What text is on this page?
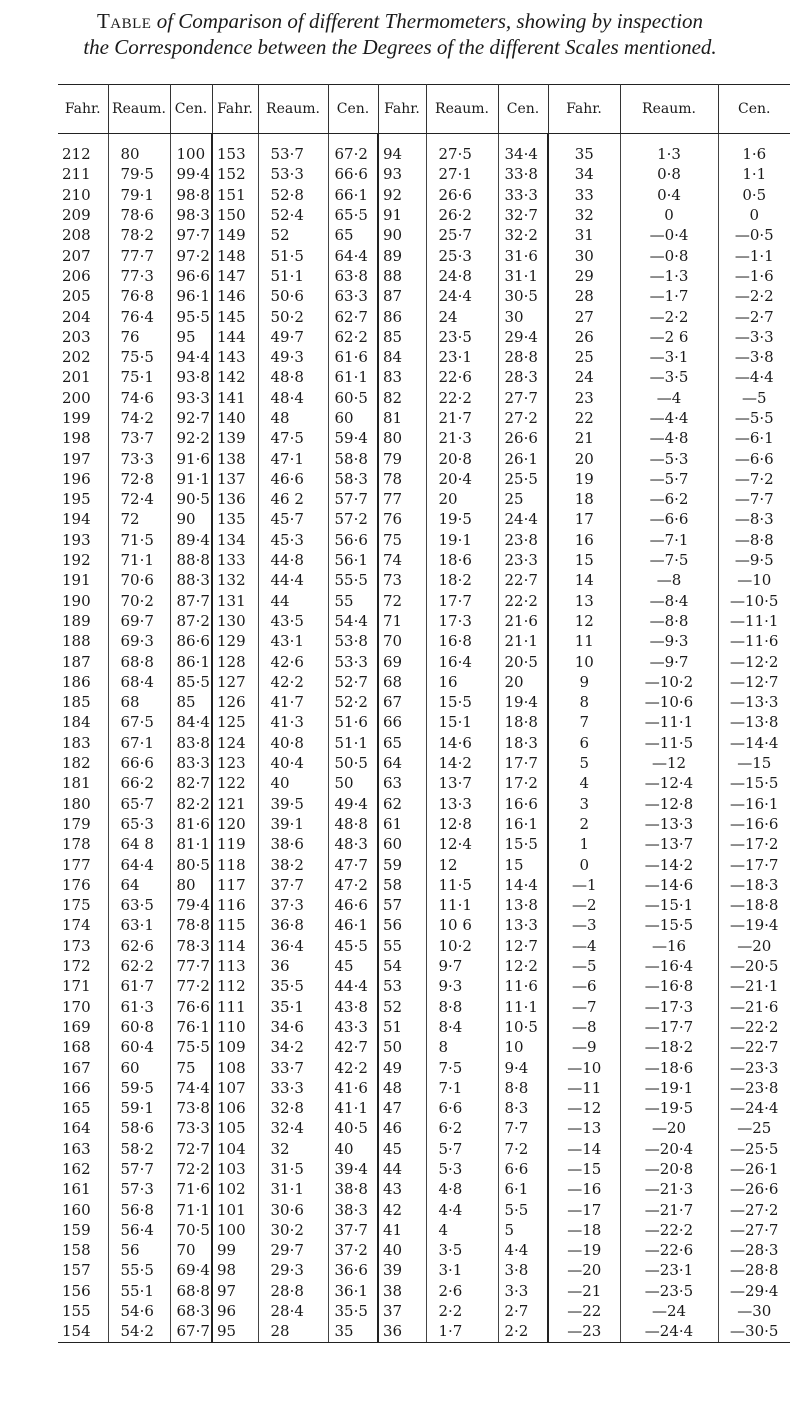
Table of Comparison of different Thermometers, showing by inspection
the Correspondence between the Degrees of the different Scales mentioned.
Fahr.	Reaum.	Cen.	Fahr.	Reaum.	Cen.	Fahr.	Reaum.	Cen.	Fahr.	Reaum.	Cen.
212	80	100	153	53·7	67·2	94	27·5	34·4	35	1·3	1·6
211	79·5	99·4	152	53·3	66·6	93	27·1	33·8	34	0·8	1·1
210	79·1	98·8	151	52·8	66·1	92	26·6	33·3	33	0·4	0·5
209	78·6	98·3	150	52·4	65·5	91	26·2	32·7	32	0	0
208	78·2	97·7	149	52	65	90	25·7	32·2	31	—0·4	—0·5
207	77·7	97·2	148	51·5	64·4	89	25·3	31·6	30	—0·8	—1·1
206	77·3	96·6	147	51·1	63·8	88	24·8	31·1	29	—1·3	—1·6
205	76·8	96·1	146	50·6	63·3	87	24·4	30·5	28	—1·7	—2·2
204	76·4	95·5	145	50·2	62·7	86	24	30	27	—2·2	—2·7
203	76	95	144	49·7	62·2	85	23·5	29·4	26	—2 6	—3·3
202	75·5	94·4	143	49·3	61·6	84	23·1	28·8	25	—3·1	—3·8
201	75·1	93·8	142	48·8	61·1	83	22·6	28·3	24	—3·5	—4·4
200	74·6	93·3	141	48·4	60·5	82	22·2	27·7	23	—4	—5
199	74·2	92·7	140	48	60	81	21·7	27·2	22	—4·4	—5·5
198	73·7	92·2	139	47·5	59·4	80	21·3	26·6	21	—4·8	—6·1
197	73·3	91·6	138	47·1	58·8	79	20·8	26·1	20	—5·3	—6·6
196	72·8	91·1	137	46·6	58·3	78	20·4	25·5	19	—5·7	—7·2
195	72·4	90·5	136	46 2	57·7	77	20	25	18	—6·2	—7·7
194	72	90	135	45·7	57·2	76	19·5	24·4	17	—6·6	—8·3
193	71·5	89·4	134	45·3	56·6	75	19·1	23·8	16	—7·1	—8·8
192	71·1	88·8	133	44·8	56·1	74	18·6	23·3	15	—7·5	—9·5
191	70·6	88·3	132	44·4	55·5	73	18·2	22·7	14	—8	—10
190	70·2	87·7	131	44	55	72	17·7	22·2	13	—8·4	—10·5
189	69·7	87·2	130	43·5	54·4	71	17·3	21·6	12	—8·8	—11·1
188	69·3	86·6	129	43·1	53·8	70	16·8	21·1	11	—9·3	—11·6
187	68·8	86·1	128	42·6	53·3	69	16·4	20·5	10	—9·7	—12·2
186	68·4	85·5	127	42·2	52·7	68	16	20	9	—10·2	—12·7
185	68	85	126	41·7	52·2	67	15·5	19·4	8	—10·6	—13·3
184	67·5	84·4	125	41·3	51·6	66	15·1	18·8	7	—11·1	—13·8
183	67·1	83·8	124	40·8	51·1	65	14·6	18·3	6	—11·5	—14·4
182	66·6	83·3	123	40·4	50·5	64	14·2	17·7	5	—12	—15
181	66·2	82·7	122	40	50	63	13·7	17·2	4	—12·4	—15·5
180	65·7	82·2	121	39·5	49·4	62	13·3	16·6	3	—12·8	—16·1
179	65·3	81·6	120	39·1	48·8	61	12·8	16·1	2	—13·3	—16·6
178	64 8	81·1	119	38·6	48·3	60	12·4	15·5	1	—13·7	—17·2
177	64·4	80·5	118	38·2	47·7	59	12	15	0	—14·2	—17·7
176	64	80	117	37·7	47·2	58	11·5	14·4	—1	—14·6	—18·3
175	63·5	79·4	116	37·3	46·6	57	11·1	13·8	—2	—15·1	—18·8
174	63·1	78·8	115	36·8	46·1	56	10 6	13·3	—3	—15·5	—19·4
173	62·6	78·3	114	36·4	45·5	55	10·2	12·7	—4	—16	—20
172	62·2	77·7	113	36	45	54	9·7	12·2	—5	—16·4	—20·5
171	61·7	77·2	112	35·5	44·4	53	9·3	11·6	—6	—16·8	—21·1
170	61·3	76·6	111	35·1	43·8	52	8·8	11·1	—7	—17·3	—21·6
169	60·8	76·1	110	34·6	43·3	51	8·4	10·5	—8	—17·7	—22·2
168	60·4	75·5	109	34·2	42·7	50	8	10	—9	—18·2	—22·7
167	60	75	108	33·7	42·2	49	7·5	9·4	—10	—18·6	—23·3
166	59·5	74·4	107	33·3	41·6	48	7·1	8·8	—11	—19·1	—23·8
165	59·1	73·8	106	32·8	41·1	47	6·6	8·3	—12	—19·5	—24·4
164	58·6	73·3	105	32·4	40·5	46	6·2	7·7	—13	—20	—25
163	58·2	72·7	104	32	40	45	5·7	7·2	—14	—20·4	—25·5
162	57·7	72·2	103	31·5	39·4	44	5·3	6·6	—15	—20·8	—26·1
161	57·3	71·6	102	31·1	38·8	43	4·8	6·1	—16	—21·3	—26·6
160	56·8	71·1	101	30·6	38·3	42	4·4	5·5	—17	—21·7	—27·2
159	56·4	70·5	100	30·2	37·7	41	4	5	—18	—22·2	—27·7
158	56	70	99	29·7	37·2	40	3·5	4·4	—19	—22·6	—28·3
157	55·5	69·4	98	29·3	36·6	39	3·1	3·8	—20	—23·1	—28·8
156	55·1	68·8	97	28·8	36·1	38	2·6	3·3	—21	—23·5	—29·4
155	54·6	68·3	96	28·4	35·5	37	2·2	2·7	—22	—24	—30
154	54·2	67·7	95	28	35	36	1·7	2·2	—23	—24·4	—30·5
